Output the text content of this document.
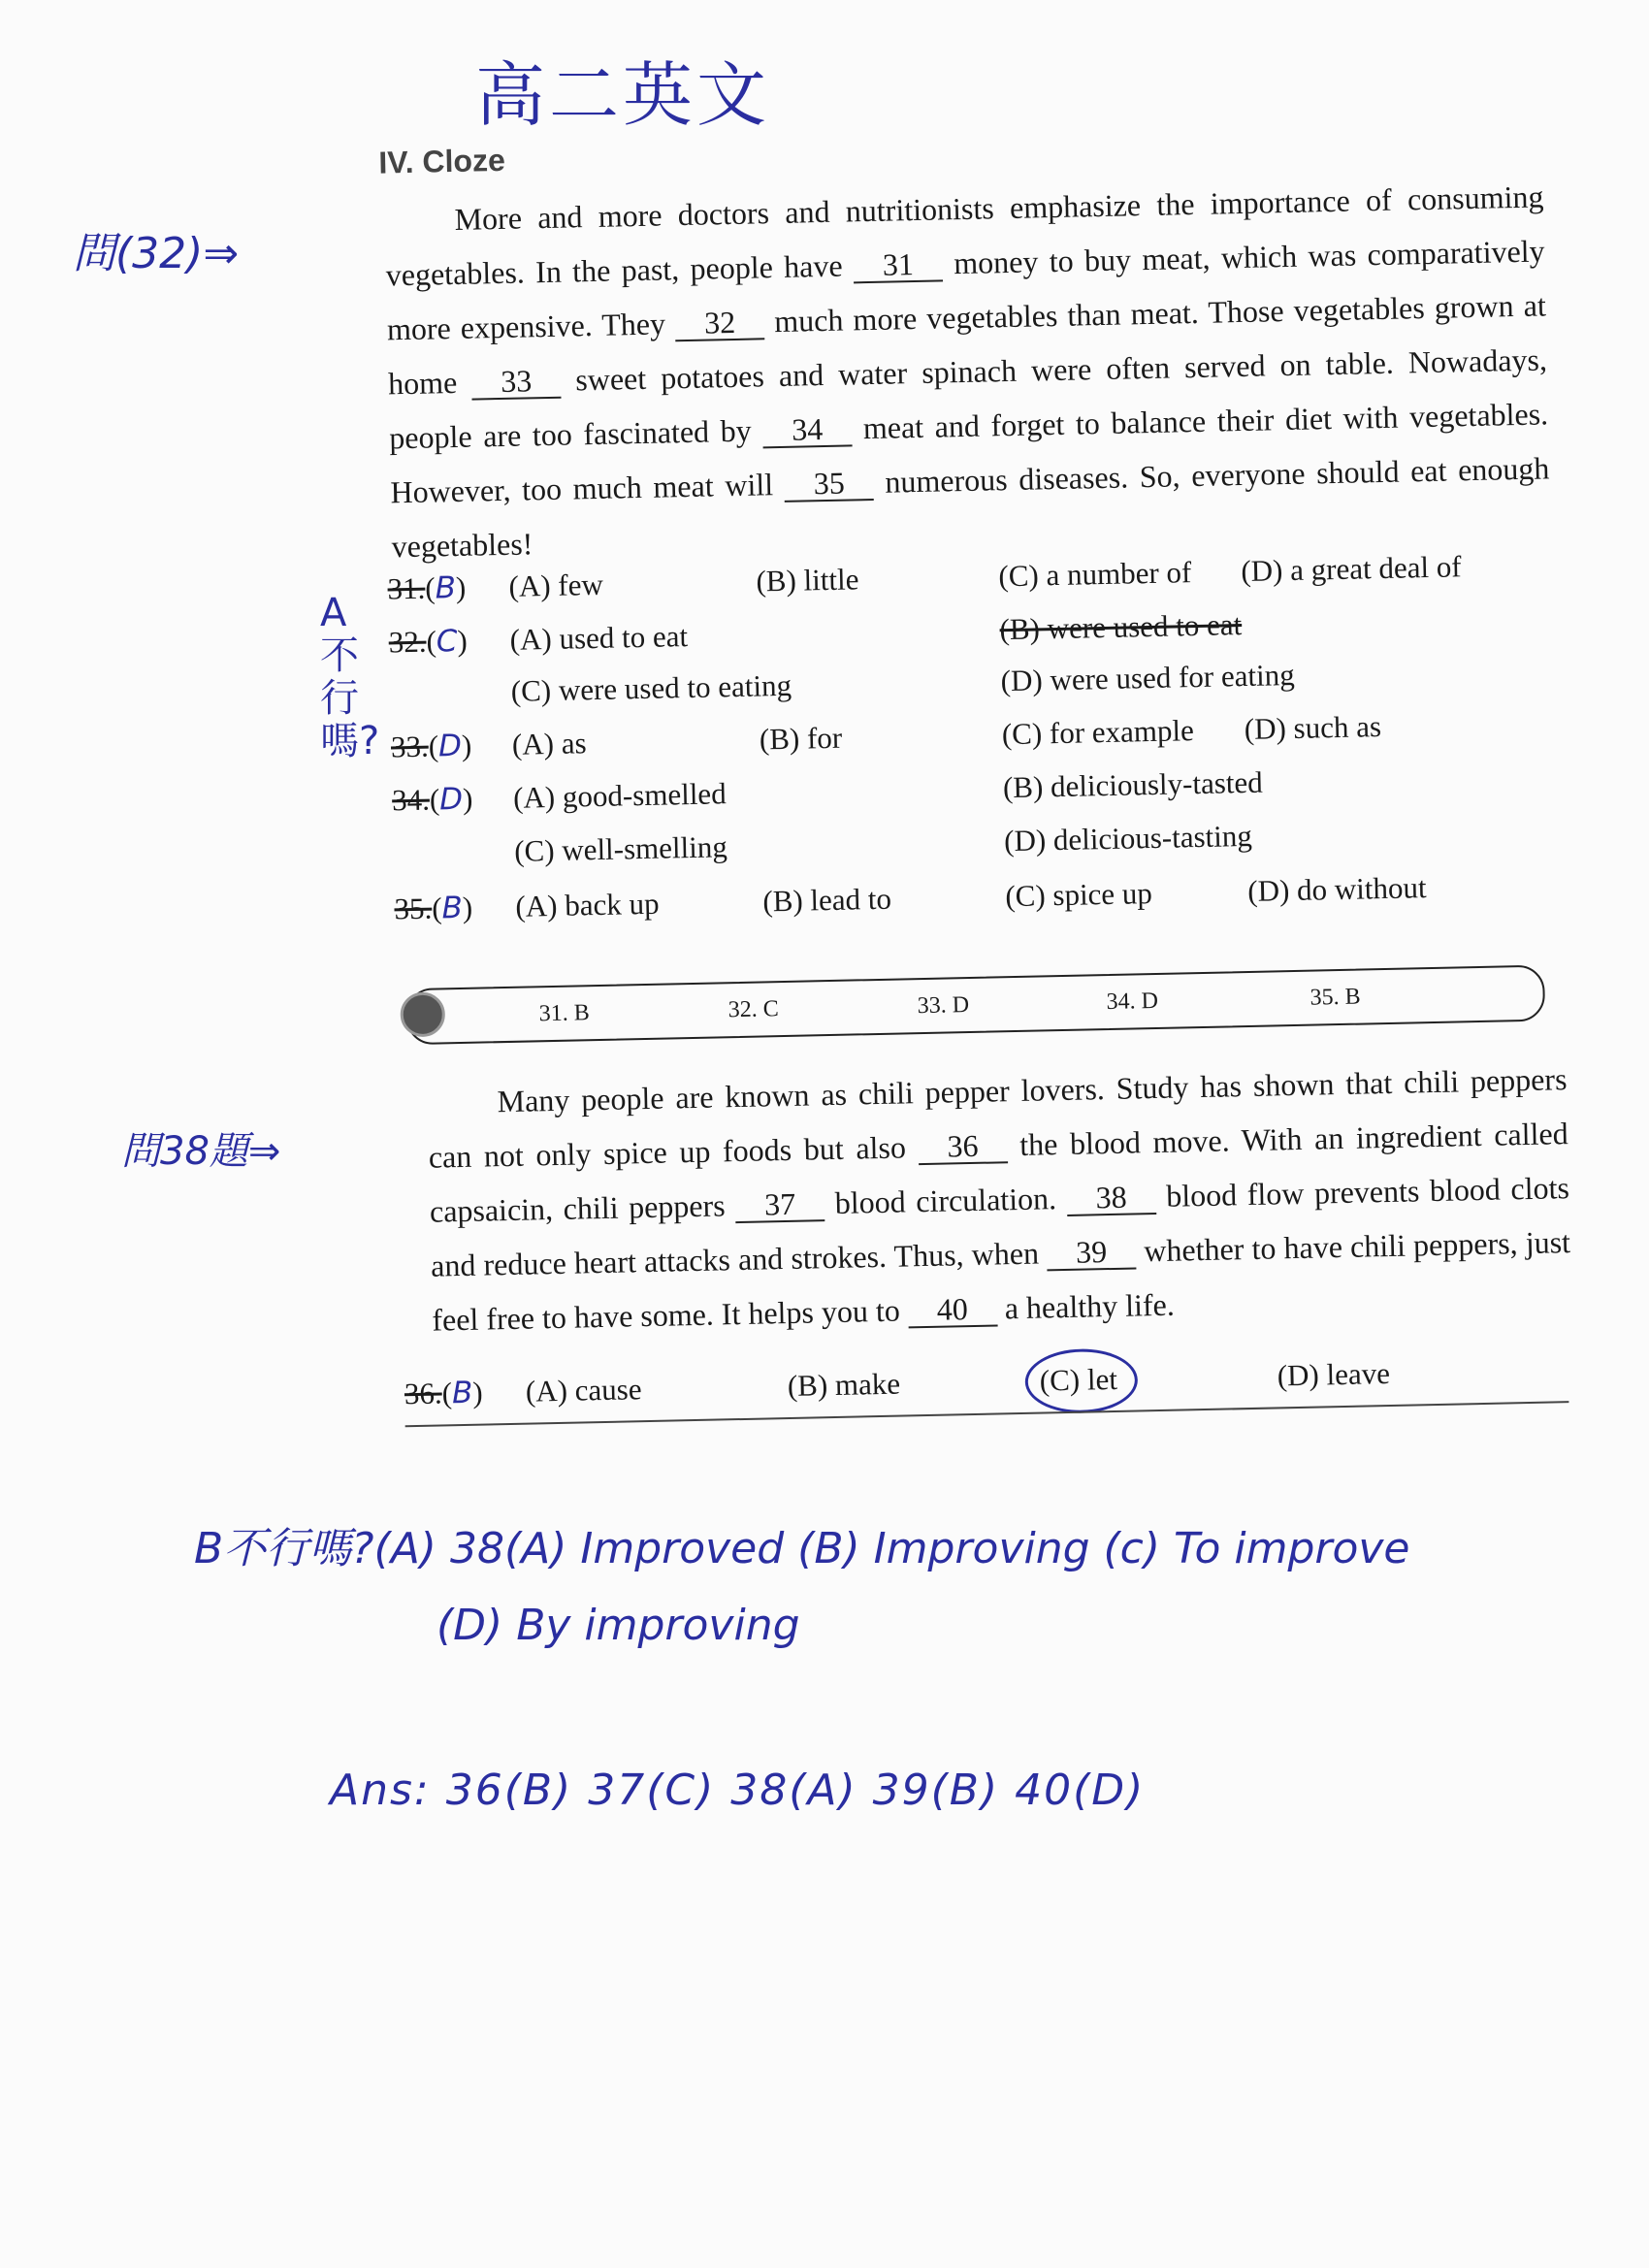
高二英文
問(32)⇒
問38題⇒
A不行嗎?
IV. Cloze
More and more doctors and nutritionists emphasize the importance of consuming vegetables. In the past, people have 31 money to buy meat, which was comparatively more expensive. They 32 much more vegetables than meat. Those vegetables grown at home 33 sweet potatoes and water spinach were often served on table. Nowadays, people are too fascinated by 34 meat and forget to balance their diet with vegetables. However, too much meat will 35 numerous diseases. So, everyone should eat enough vegetables!
31.(B) (A) few	(B) little	(C) a number of (D) a great deal of
32.(C) (A) used to eat	(B) were used to eat
(C) were used to eating	(D) were used for eating
33.(D) (A) as	(B) for	(C) for example (D) such as
34.(D) (A) good-smelled	(B) deliciously-tasted
(C) well-smelling	(D) delicious-tasting
35.(B) (A) back up	(B) lead to	(C) spice up	(D) do without
31. B	32. C	33. D	34. D	35. B
Many people are known as chili pepper lovers. Study has shown that chili peppers can not only spice up foods but also 36 the blood move. With an ingredient called capsaicin, chili peppers 37 blood circulation. 38 blood flow prevents blood clots and reduce heart attacks and strokes. Thus, when 39 whether to have chili peppers, just feel free to have some. It helps you to 40 a healthy life.
36.(B) (A) cause	(B) make	(C) let	(D) leave
B不行嗎?(A) 38(A) Improved (B) Improving (c) To improve
(D) By improving
Ans: 36(B) 37(C) 38(A) 39(B) 40(D)
